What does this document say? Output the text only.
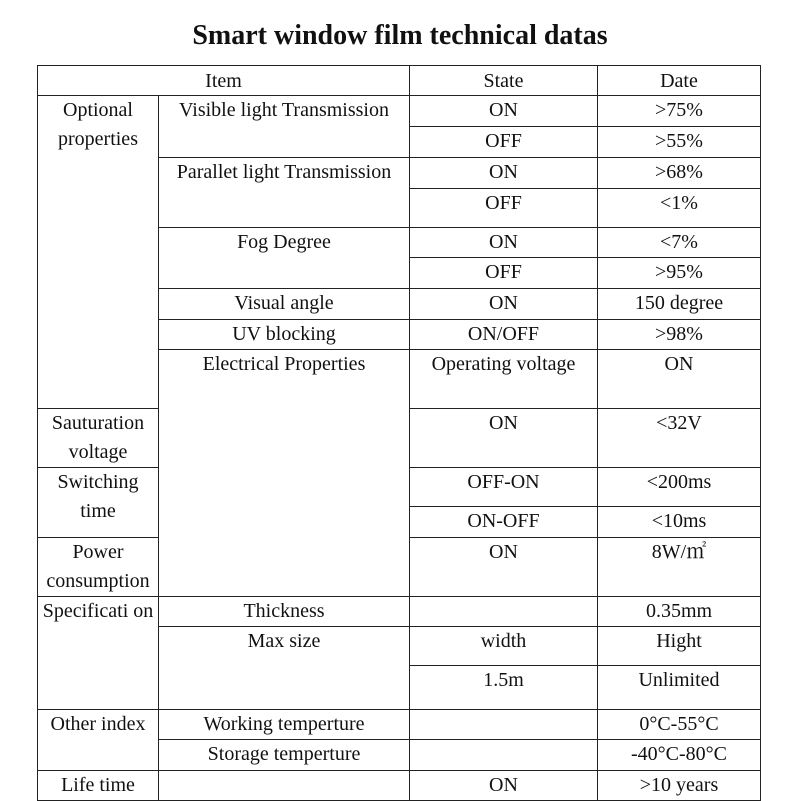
Smart window film technical datas
Item		State	Date	
Optional properties	Visible light Transmission	ON	>75%	
		OFF	>55%	
	Parallet light Transmission	ON	>68%	
		OFF	<1%	
	Fog Degree	ON	<7%	
		OFF	>95%	
	Visual angle	ON	150 degree	
	UV blocking	ON/OFF	>98%	
	Electrical Properties	Operating voltage	ON	
Sauturation voltage		ON	<32V	
Switching time		OFF-ON	<200ms	
		ON-OFF	<10ms	
Power consumption		ON	8W/㎡	
Specificati on	Thickness		0.35mm	
	Max size	width	Hight	
		1.5m	Unlimited	
Other index	Working temperture		0°C-55°C	
	Storage temperture		-40°C-80°C	
Life time		ON	>10 years	
